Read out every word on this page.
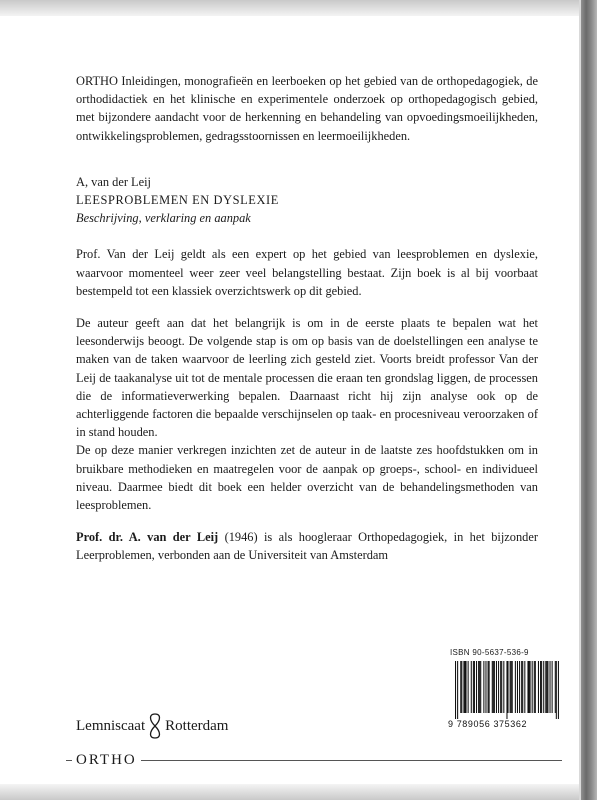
ORTHO Inleidingen, monografieën en leerboeken op het gebied van de orthopedagogiek, de orthodidactiek en het klinische en experimentele onderzoek op orthopedagogisch gebied, met bijzondere aandacht voor de herkenning en behandeling van opvoedingsmoeilijkheden, ontwikkelingsproblemen, gedragsstoornissen en leermoeilijkheden.

A, van der Leij

LEESPROBLEMEN EN DYSLEXIE

Beschrijving, verklaring en aanpak

Prof. Van der Leij geldt als een expert op het gebied van leesproblemen en dyslexie, waarvoor momenteel weer zeer veel belangstelling bestaat. Zijn boek is al bij voorbaat bestempeld tot een klassiek overzichtswerk op dit gebied.

De auteur geeft aan dat het belangrijk is om in de eerste plaats te bepalen wat het leesonderwijs beoogt. De volgende stap is om op basis van de doelstellingen een analyse te maken van de taken waarvoor de leerling zich gesteld ziet. Voorts breidt professor Van der Leij de taakanalyse uit tot de mentale processen die eraan ten grondslag liggen, de processen die de informatieverwerking bepalen. Daarnaast richt hij zijn analyse ook op de achterliggende factoren die bepaalde verschijnselen op taak- en procesniveau veroorzaken of in stand houden.

De op deze manier verkregen inzichten zet de auteur in de laatste zes hoofdstukken om in bruikbare methodieken en maatregelen voor de aanpak op groeps-, school- en individueel niveau. Daarmee biedt dit boek een helder overzicht van de behandelingsmethoden van leesproblemen.

Prof. dr. A. van der Leij (1946) is als hoogleraar Orthopedagogiek, in het bijzonder Leerproblemen, verbonden aan de Universiteit van Amsterdam

ISBN 90-5637-536-9

9 789056 375362
Lemniscaat Rotterdam
ORTHO
